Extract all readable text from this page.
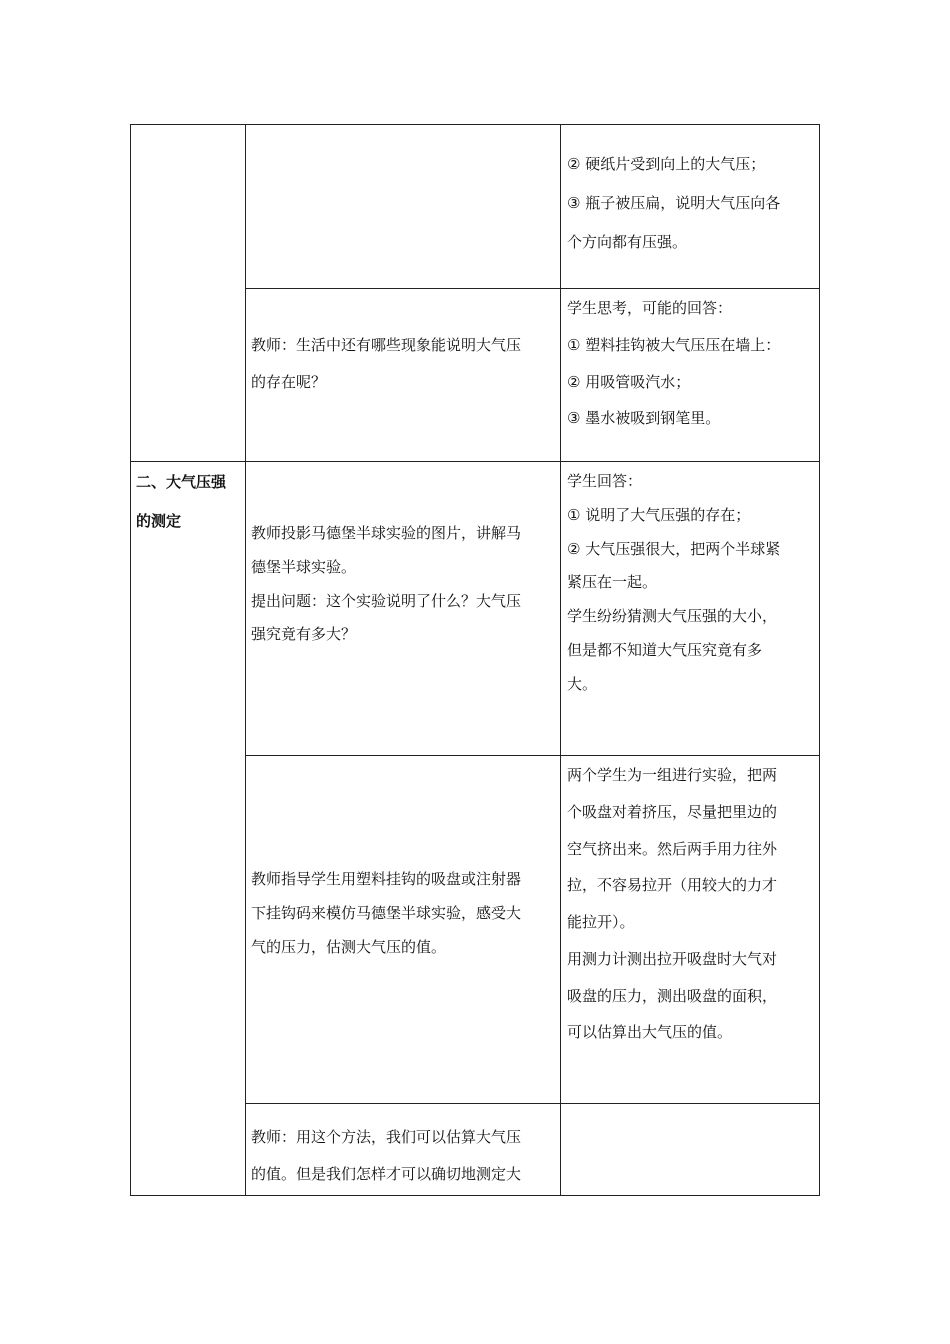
② 硬纸片受到向上的大气压；

③ 瓶子被压扁，说明大气压向各

个方向都有压强。

教师：生活中还有哪些现象能说明大气压

的存在呢？

学生思考，可能的回答：

① 塑料挂钩被大气压压在墙上：

② 用吸管吸汽水；

③ 墨水被吸到钢笔里。

二、大气压强

的测定

教师投影马德堡半球实验的图片，讲解马

德堡半球实验。

提出问题：这个实验说明了什么？大气压

强究竟有多大？

学生回答：

① 说明了大气压强的存在；

② 大气压强很大，把两个半球紧

紧压在一起。

学生纷纷猜测大气压强的大小，

但是都不知道大气压究竟有多

大。

教师指导学生用塑料挂钩的吸盘或注射器

下挂钩码来模仿马德堡半球实验，感受大

气的压力，估测大气压的值。

两个学生为一组进行实验，把两

个吸盘对着挤压，尽量把里边的

空气挤出来。然后两手用力往外

拉，不容易拉开（用较大的力才

能拉开）。

用测力计测出拉开吸盘时大气对

吸盘的压力，测出吸盘的面积，

可以估算出大气压的值。

教师：用这个方法，我们可以估算大气压

的值。但是我们怎样才可以确切地测定大
